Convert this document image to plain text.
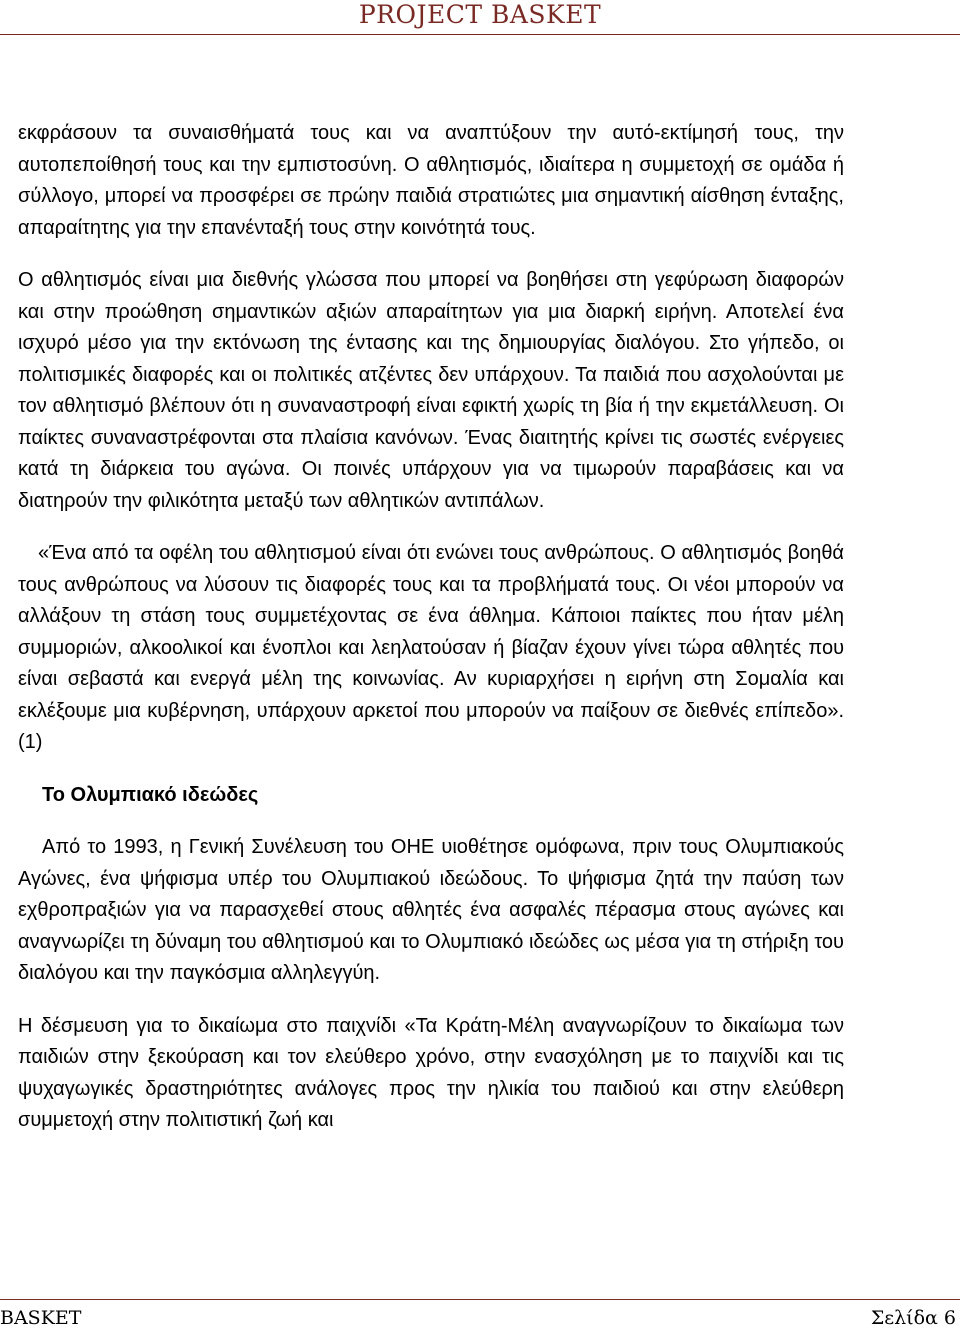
PROJECT BASKET

εκφράσουν τα συναισθήματά τους και να αναπτύξουν την αυτό-εκτίμησή τους, την αυτοπεποίθησή τους και την εμπιστοσύνη. Ο αθλητισμός, ιδιαίτερα η συμμετοχή σε ομάδα ή σύλλογο, μπορεί να προσφέρει σε πρώην παιδιά στρατιώτες μια σημαντική αίσθηση ένταξης, απαραίτητης για την επανένταξή τους στην κοινότητά τους.

Ο αθλητισμός είναι μια διεθνής γλώσσα που μπορεί να βοηθήσει στη γεφύρωση διαφορών και στην προώθηση σημαντικών αξιών απαραίτητων για μια διαρκή ειρήνη. Αποτελεί ένα ισχυρό μέσο για την εκτόνωση της έντασης και της δημιουργίας διαλόγου. Στο γήπεδο, οι πολιτισμικές διαφορές και οι πολιτικές ατζέντες δεν υπάρχουν. Τα παιδιά που ασχολούνται με τον αθλητισμό βλέπουν ότι η συναναστροφή είναι εφικτή χωρίς τη βία ή την εκμετάλλευση. Οι παίκτες συναναστρέφονται στα πλαίσια κανόνων. Ένας διαιτητής κρίνει τις σωστές ενέργειες κατά τη διάρκεια του αγώνα. Οι ποινές υπάρχουν για να τιμωρούν παραβάσεις και να διατηρούν την φιλικότητα μεταξύ των αθλητικών αντιπάλων.

«Ένα από τα οφέλη του αθλητισμού είναι ότι ενώνει τους ανθρώπους. Ο αθλητισμός βοηθά τους ανθρώπους να λύσουν τις διαφορές τους και τα προβλήματά τους. Οι νέοι μπορούν να αλλάξουν τη στάση τους συμμετέχοντας σε ένα άθλημα. Κάποιοι παίκτες που ήταν μέλη συμμοριών, αλκοολικοί και ένοπλοι και λεηλατούσαν ή βίαζαν έχουν γίνει τώρα αθλητές που είναι σεβαστά και ενεργά μέλη της κοινωνίας. Αν κυριαρχήσει η ειρήνη στη Σομαλία και εκλέξουμε μια κυβέρνηση, υπάρχουν αρκετοί που μπορούν να παίξουν σε διεθνές επίπεδο».(1)

Το Ολυμπιακό ιδεώδες

Από το 1993, η Γενική Συνέλευση του ΟΗΕ υιοθέτησε ομόφωνα, πριν τους Ολυμπιακούς Αγώνες, ένα ψήφισμα υπέρ του Ολυμπιακού ιδεώδους. Το ψήφισμα ζητά την παύση των εχθροπραξιών για να παρασχεθεί στους αθλητές ένα ασφαλές πέρασμα στους αγώνες και αναγνωρίζει τη δύναμη του αθλητισμού και το Ολυμπιακό ιδεώδες ως μέσα για τη στήριξη του διαλόγου και την παγκόσμια αλληλεγγύη.

Η δέσμευση για το δικαίωμα στο παιχνίδι «Τα Κράτη-Μέλη αναγνωρίζουν το δικαίωμα των παιδιών στην ξεκούραση και τον ελεύθερο χρόνο, στην ενασχόληση με το παιχνίδι και τις ψυχαγωγικές δραστηριότητες ανάλογες προς την ηλικία του παιδιού και στην ελεύθερη συμμετοχή στην πολιτιστική ζωή και

BASKET	Σελίδα 6
